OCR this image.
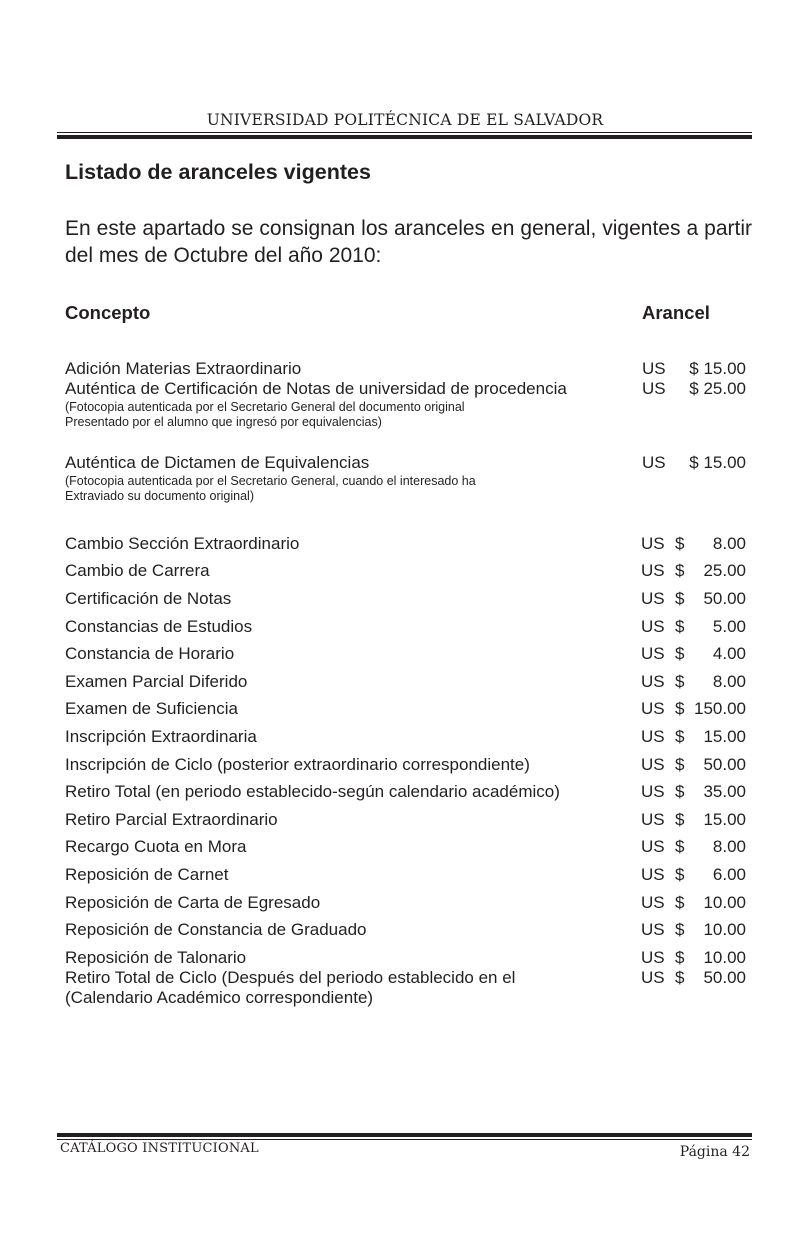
UNIVERSIDAD POLITÉCNICA DE EL SALVADOR
Listado de aranceles vigentes
En este apartado se consignan los aranceles en general, vigentes a partir del mes de Octubre del año 2010:
Concepto	Arancel
Adición Materias Extraordinario	US	$ 15.00
Auténtica de Certificación de Notas de universidad de procedencia	US	$ 25.00
(Fotocopia autenticada por el Secretario General del documento original
Presentado por el alumno que ingresó por equivalencias)
Auténtica de Dictamen de Equivalencias	US	$ 15.00
(Fotocopia autenticada por el Secretario General, cuando el interesado ha
Extraviado su documento original)
Cambio Sección Extraordinario	US $	8.00
Cambio de Carrera	US $	25.00
Certificación de Notas	US $	50.00
Constancias de Estudios	US $	5.00
Constancia de Horario	US $	4.00
Examen Parcial Diferido	US $	8.00
Examen de Suficiencia	US $ 150.00
Inscripción Extraordinaria	US $	15.00
Inscripción de Ciclo (posterior extraordinario correspondiente)	US $	50.00
Retiro Total (en periodo establecido-según calendario académico)	US $	35.00
Retiro Parcial Extraordinario	US $	15.00
Recargo Cuota en Mora	US $	8.00
Reposición de Carnet	US $	6.00
Reposición de Carta de Egresado	US $	10.00
Reposición de Constancia de Graduado	US $	10.00
Reposición de Talonario	US $	10.00
Retiro Total de Ciclo (Después del periodo establecido en el	US $	50.00
(Calendario Académico correspondiente)
CATÁLOGO INSTITUCIONAL	Página 42
